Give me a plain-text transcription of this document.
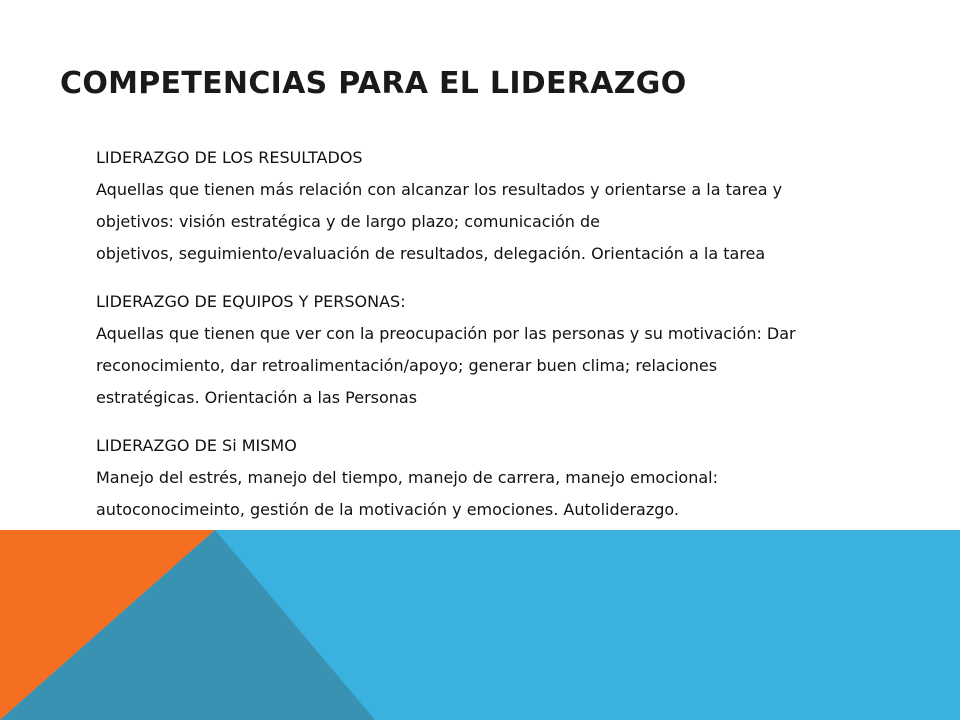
COMPETENCIAS PARA EL LIDERAZGO
LIDERAZGO DE LOS RESULTADOS
Aquellas que tienen más relación con alcanzar los resultados y orientarse a la tarea y
objetivos: visión estratégica y de largo plazo; comunicación de
objetivos, seguimiento/evaluación de resultados, delegación. Orientación a la tarea
LIDERAZGO DE EQUIPOS Y PERSONAS:
Aquellas que tienen que ver con la preocupación por las personas y su motivación: Dar
reconocimiento, dar retroalimentación/apoyo; generar buen clima; relaciones
estratégicas. Orientación a las Personas
LIDERAZGO DE Si MISMO
Manejo del estrés, manejo del tiempo, manejo de carrera, manejo emocional:
autoconocimeinto, gestión de la motivación y emociones. Autoliderazgo.
